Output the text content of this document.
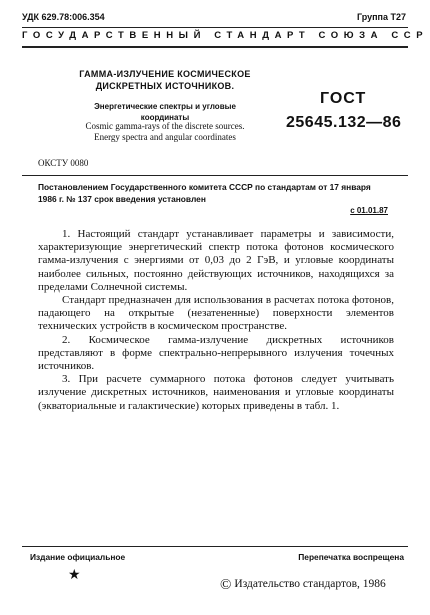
УДК 629.78:006.354	Группа Т27
ГОСУДАРСТВЕННЫЙ СТАНДАРТ СОЮЗА ССР
ГАММА-ИЗЛУЧЕНИЕ КОСМИЧЕСКОЕ
ДИСКРЕТНЫХ ИСТОЧНИКОВ.
Энергетические спектры и угловые
координаты
Cosmic gamma-rays of the discrete sources.
Energy spectra and angular coordinates
ГОСТ
25645.132—86
ОКСТУ 0080
Постановлением Государственного комитета СССР по стандартам от 17 января
1986 г. № 137 срок введения установлен
с 01.01.87

1. Настоящий стандарт устанавливает параметры и зависимости, характеризующие энергетический спектр потока фотонов космического гамма-излучения с энергиями от 0,03 до 2 ГэВ, и угловые координаты наиболее сильных, постоянно действующих источников, находящихся за пределами Солнечной системы.

Стандарт предназначен для использования в расчетах потока фотонов, падающего на открытые (незатененные) поверхности элементов технических устройств в космическом пространстве.

2. Космическое гамма-излучение дискретных источников представляют в форме спектрально-непрерывного излучения точечных источников.

3. При расчете суммарного потока фотонов следует учитывать излучение дискретных источников, наименования и угловые координаты (экваториальные и галактические) которых приведены в табл. 1.

Издание официальное	Перепечатка воспрещена
★
© Издательство стандартов, 1986
